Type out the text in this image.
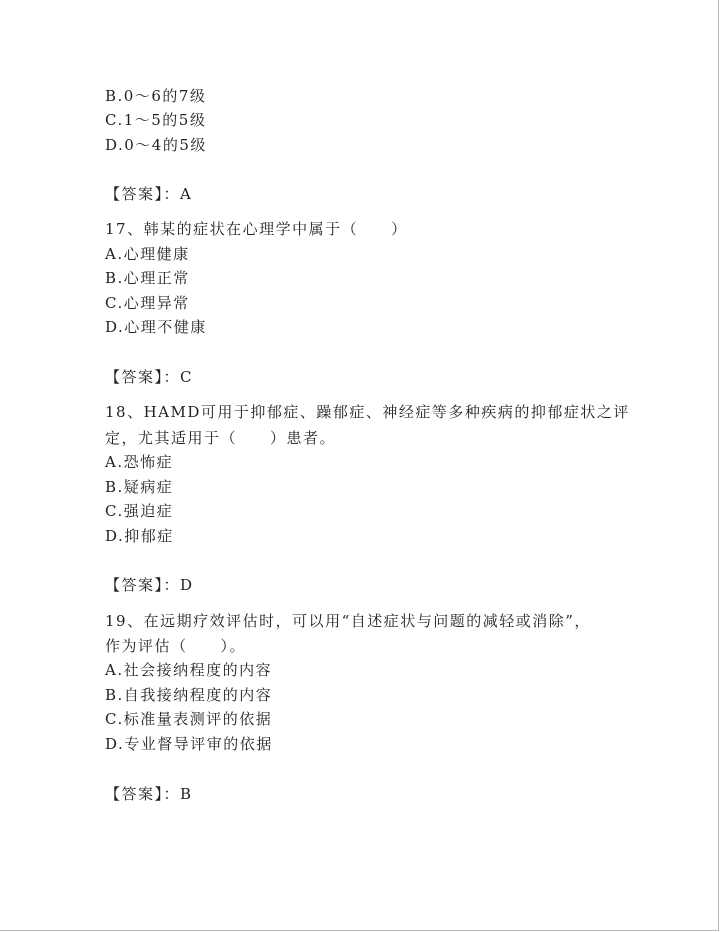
B.0～6的7级
C.1～5的5级
D.0～4的5级
【答案】：A
17、韩某的症状在心理学中属于（　　）
A.心理健康
B.心理正常
C.心理异常
D.心理不健康
【答案】：C
18、HAMD可用于抑郁症、躁郁症、神经症等多种疾病的抑郁症状之评
定，尤其适用于（　　）患者。
A.恐怖症
B.疑病症
C.强迫症
D.抑郁症
【答案】：D
19、在远期疗效评估时，可以用“自述症状与问题的减轻或消除”，
作为评估（　　）。
A.社会接纳程度的内容
B.自我接纳程度的内容
C.标准量表测评的依据
D.专业督导评审的依据
【答案】：B
